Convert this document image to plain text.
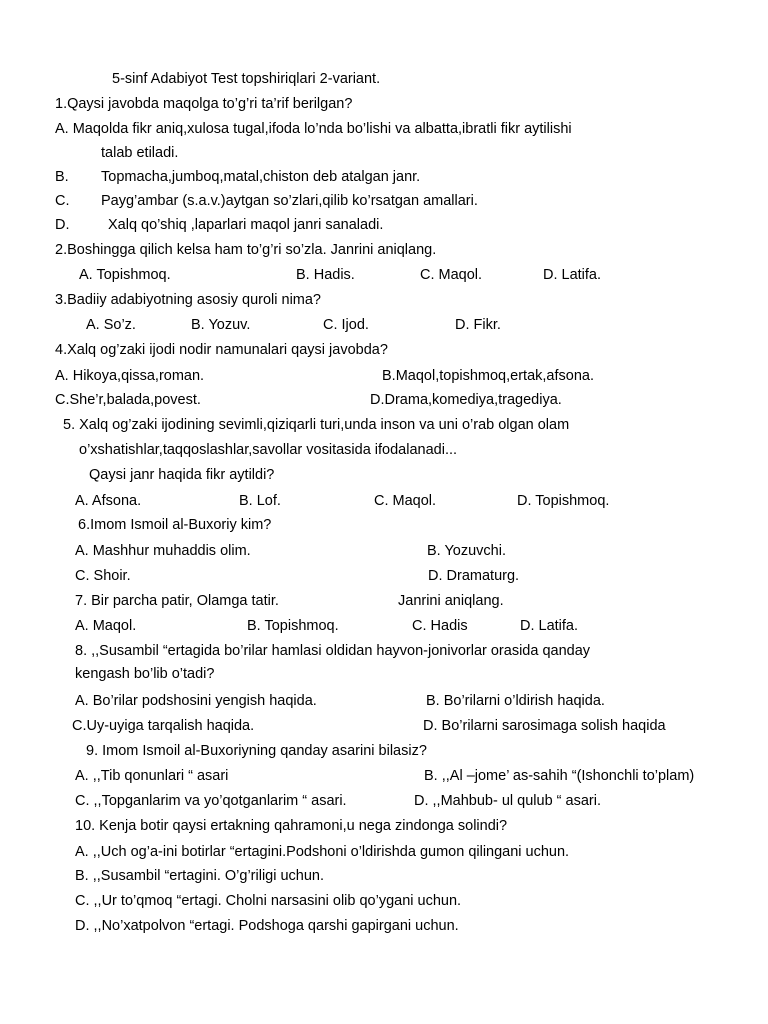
5-sinf Adabiyot Test topshiriqlari 2-variant.
1.Qaysi javobda maqolga to’g’ri ta’rif berilgan?
A. Maqolda fikr aniq,xulosa tugal,ifoda lo’nda bo’lishi va albatta,ibratli fikr aytilishi
talab etiladi.
B. Topmacha,jumboq,matal,chiston deb atalgan janr.
C. Payg’ambar (s.a.v.)aytgan so’zlari,qilib ko’rsatgan amallari.
D.	Xalq qo’shiq ,laparlari maqol janri sanaladi.
2.Boshingga qilich kelsa ham to’g’ri so’zla. Janrini aniqlang.
A. Topishmoq.	B. Hadis.	C. Maqol.	D. Latifa.
3.Badiiy adabiyotning asosiy quroli nima?
A. So’z.	B. Yozuv.	C. Ijod.	D. Fikr.
4.Xalq og’zaki ijodi nodir namunalari qaysi javobda?
A. Hikoya,qissa,roman.	B.Maqol,topishmoq,ertak,afsona.
C.She’r,balada,povest.	D.Drama,komediya,tragediya.
5. Xalq og’zaki ijodining sevimli,qiziqarli turi,unda inson va uni o’rab olgan olam
o’xshatishlar,taqqoslashlar,savollar vositasida ifodalanadi...
Qaysi janr haqida fikr aytildi?
A. Afsona.	B. Lof.	C. Maqol.	D. Topishmoq.
6.Imom Ismoil al-Buxoriy kim?
A. Mashhur muhaddis olim.	B. Yozuvchi.
C. Shoir.	D. Dramaturg.
7. Bir parcha patir, Olamga tatir.	Janrini aniqlang.
A. Maqol.	B. Topishmoq.	C. Hadis	D. Latifa.
8. ,,Susambil “ertagida bo’rilar hamlasi oldidan hayvon-jonivorlar orasida qanday
kengash bo’lib o’tadi?
A. Bo’rilar podshosini yengish haqida.	B. Bo’rilarni o’ldirish haqida.
C.Uy-uyiga tarqalish haqida.	D. Bo’rilarni sarosimaga solish haqida
9. Imom Ismoil al-Buxoriyning qanday asarini bilasiz?
A. ,,Tib qonunlari “ asari	B. ,,Al –jome’ as-sahih “(Ishonchli to’plam)
C. ,,Topganlarim va yo’qotganlarim “ asari.	D. ,,Mahbub- ul qulub “ asari.
10. Kenja botir qaysi ertakning qahramoni,u nega zindonga solindi?
A. ,,Uch og’a-ini botirlar “ertagini.Podshoni o’ldirishda gumon qilingani uchun.
B. ,,Susambil “ertagini. O’g’riligi uchun.
C. ,,Ur to’qmoq “ertagi. Cholni narsasini olib qo’ygani uchun.
D. ,,No’xatpolvon “ertagi. Podshoga qarshi gapirgani uchun.
